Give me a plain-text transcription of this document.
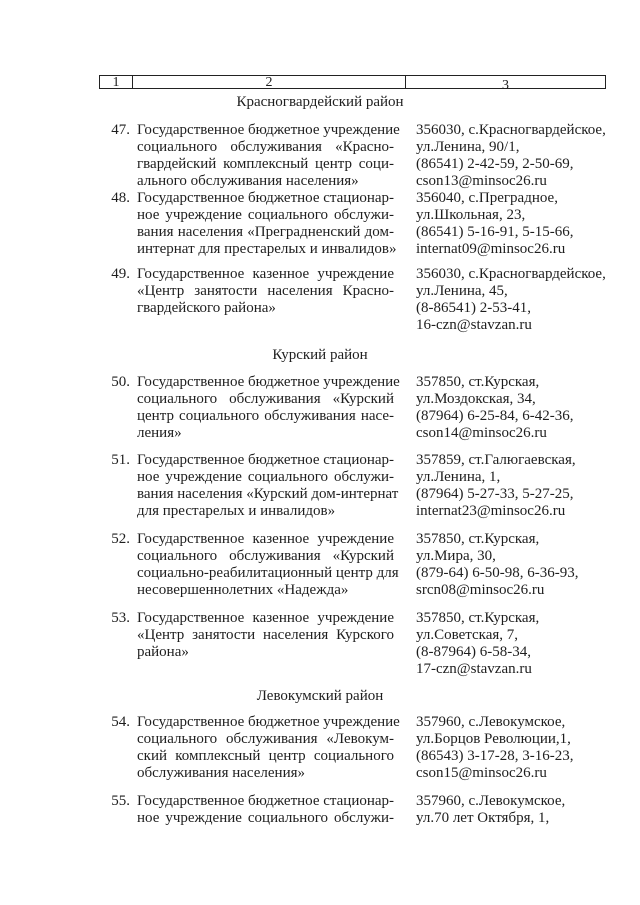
1	2	3
Красногвардейский район
47. Государственное бюджетное учреждение
социального обслуживания «Красно-
гвардейский комплексный центр соци-
ального обслуживания населения»
356030, с.Красногвардейское,
ул.Ленина, 90/1,
(86541) 2-42-59, 2-50-69,
cson13@minsoc26.ru
48. Государственное бюджетное стационар-
ное учреждение социального обслужи-
вания населения «Преградненский дом-
интернат для престарелых и инвалидов»
356040, с.Преградное,
ул.Школьная, 23,
(86541) 5-16-91, 5-15-66,
internat09@minsoc26.ru
49. Государственное казенное учреждение
«Центр занятости населения Красно-
гвардейского района»
356030, с.Красногвардейское,
ул.Ленина, 45,
(8-86541) 2-53-41,
16-czn@stavzan.ru
Курский район
50. Государственное бюджетное учреждение
социального обслуживания «Курский
центр социального обслуживания насе-
ления»
357850, ст.Курская,
ул.Моздокская, 34,
(87964) 6-25-84, 6-42-36,
cson14@minsoc26.ru
51. Государственное бюджетное стационар-
ное учреждение социального обслужи-
вания населения «Курский дом-интернат
для престарелых и инвалидов»
357859, ст.Галюгаевская,
ул.Ленина, 1,
(87964) 5-27-33, 5-27-25,
internat23@minsoc26.ru
52. Государственное казенное учреждение
социального обслуживания «Курский
социально-реабилитационный центр для
несовершеннолетних «Надежда»
357850, ст.Курская,
ул.Мира, 30,
(879-64) 6-50-98, 6-36-93,
srcn08@minsoc26.ru
53. Государственное казенное учреждение
«Центр занятости населения Курского
района»
357850, ст.Курская,
ул.Советская, 7,
(8-87964) 6-58-34,
17-czn@stavzan.ru
Левокумский район
54. Государственное бюджетное учреждение
социального обслуживания «Левокум-
ский комплексный центр социального
обслуживания населения»
357960, с.Левокумское,
ул.Борцов Революции,1,
(86543) 3-17-28, 3-16-23,
cson15@minsoc26.ru
55. Государственное бюджетное стационар-
ное учреждение социального обслужи-
357960, с.Левокумское,
ул.70 лет Октября, 1,
